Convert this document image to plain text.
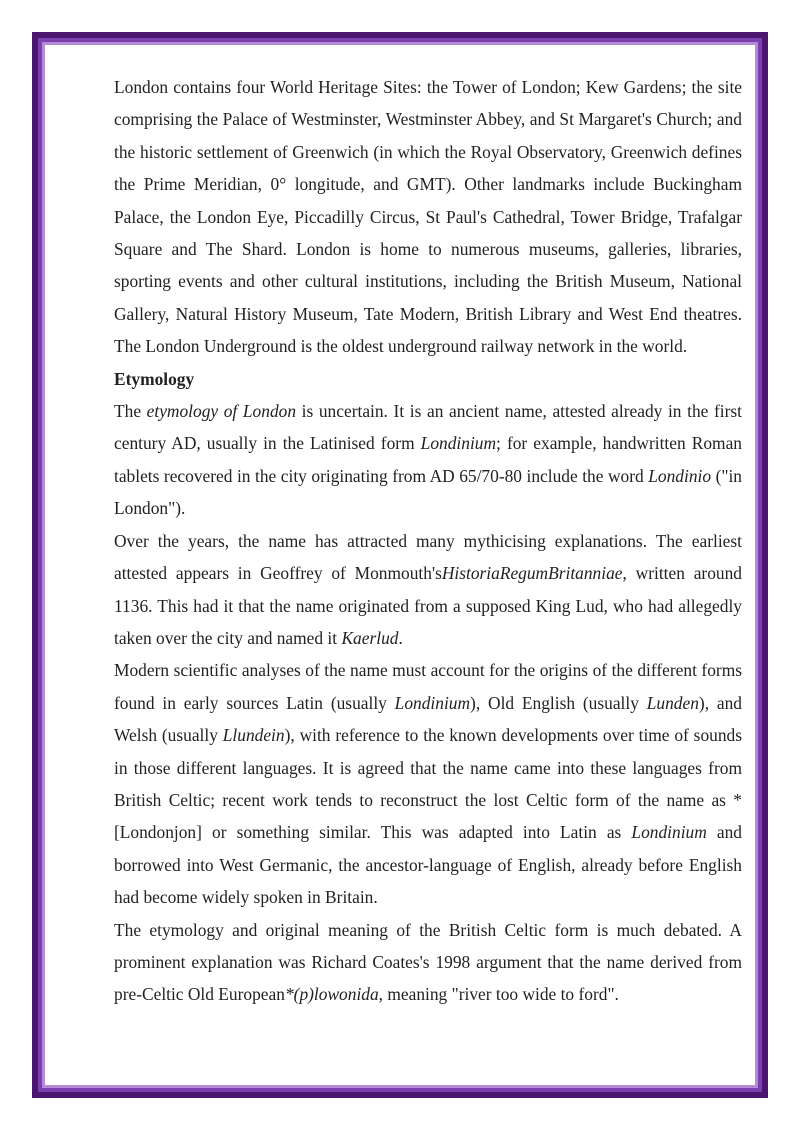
London contains four World Heritage Sites: the Tower of London; Kew Gardens; the site comprising the Palace of Westminster, Westminster Abbey, and St Margaret's Church; and the historic settlement of Greenwich (in which the Royal Observatory, Greenwich defines the Prime Meridian, 0° longitude, and GMT). Other landmarks include Buckingham Palace, the London Eye, Piccadilly Circus, St Paul's Cathedral, Tower Bridge, Trafalgar Square and The Shard. London is home to numerous museums, galleries, libraries, sporting events and other cultural institutions, including the British Museum, National Gallery, Natural History Museum, Tate Modern, British Library and West End theatres. The London Underground is the oldest underground railway network in the world.

Etymology

The etymology of London is uncertain. It is an ancient name, attested already in the first century AD, usually in the Latinised form Londinium; for example, handwritten Roman tablets recovered in the city originating from AD 65/70-80 include the word Londinio ("in London").

Over the years, the name has attracted many mythicising explanations. The earliest attested appears in Geoffrey of Monmouth'sHistoriaRegumBritanniae, written around 1136. This had it that the name originated from a supposed King Lud, who had allegedly taken over the city and named it Kaerlud.

Modern scientific analyses of the name must account for the origins of the different forms found in early sources Latin (usually Londinium), Old English (usually Lunden), and Welsh (usually Llundein), with reference to the known developments over time of sounds in those different languages. It is agreed that the name came into these languages from British Celtic; recent work tends to reconstruct the lost Celtic form of the name as *[Londonjon] or something similar. This was adapted into Latin as Londinium and borrowed into West Germanic, the ancestor-language of English, already before English had become widely spoken in Britain.

The etymology and original meaning of the British Celtic form is much debated. A prominent explanation was Richard Coates's 1998 argument that the name derived from pre-Celtic Old European*(p)lowonida, meaning "river too wide to ford".
